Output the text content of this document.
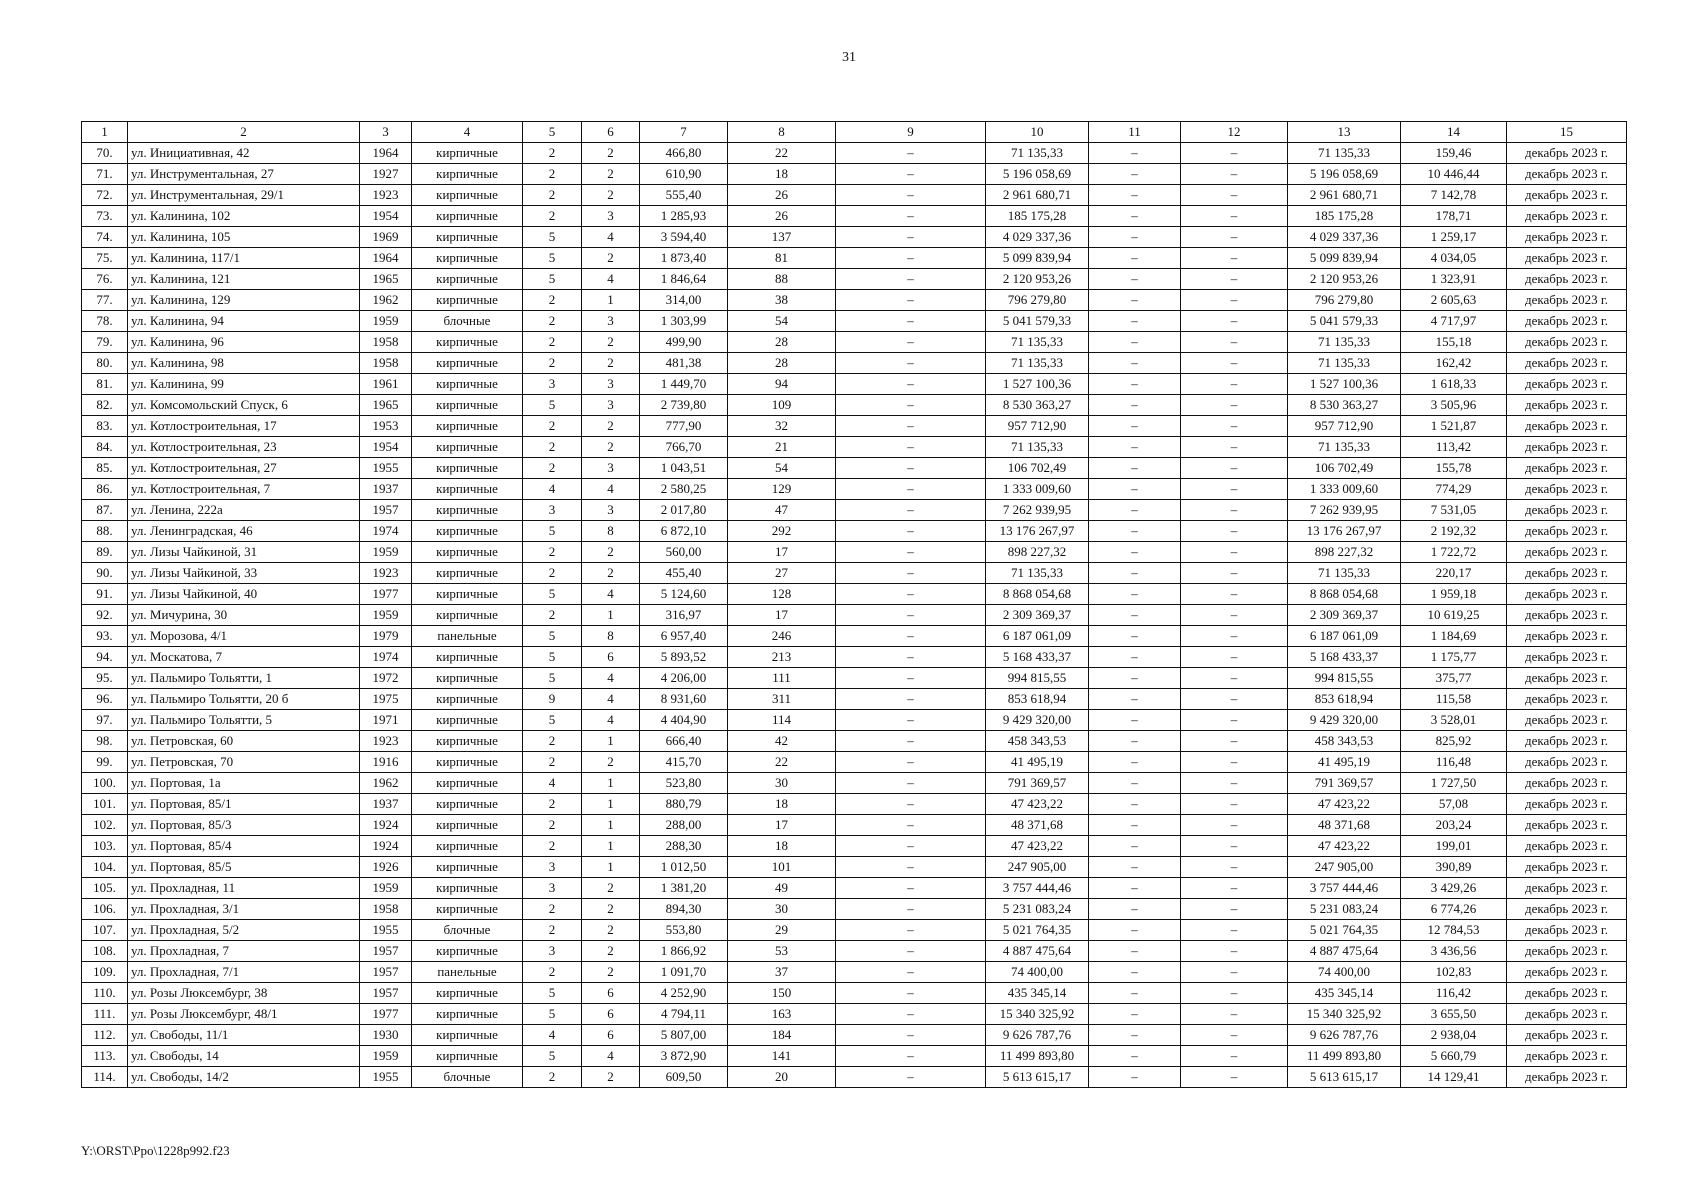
31
1	2	3	4	5	6	7	8	9	10	11	12	13	14	15
70.	ул. Инициативная, 42	1964	кирпичные	2	2	466,80	22	–	71 135,33	–	–	71 135,33	159,46	декабрь 2023 г.
71.	ул. Инструментальная, 27	1927	кирпичные	2	2	610,90	18	–	5 196 058,69	–	–	5 196 058,69	10 446,44	декабрь 2023 г.
72.	ул. Инструментальная, 29/1	1923	кирпичные	2	2	555,40	26	–	2 961 680,71	–	–	2 961 680,71	7 142,78	декабрь 2023 г.
73.	ул. Калинина, 102	1954	кирпичные	2	3	1 285,93	26	–	185 175,28	–	–	185 175,28	178,71	декабрь 2023 г.
74.	ул. Калинина, 105	1969	кирпичные	5	4	3 594,40	137	–	4 029 337,36	–	–	4 029 337,36	1 259,17	декабрь 2023 г.
75.	ул. Калинина, 117/1	1964	кирпичные	5	2	1 873,40	81	–	5 099 839,94	–	–	5 099 839,94	4 034,05	декабрь 2023 г.
76.	ул. Калинина, 121	1965	кирпичные	5	4	1 846,64	88	–	2 120 953,26	–	–	2 120 953,26	1 323,91	декабрь 2023 г.
77.	ул. Калинина, 129	1962	кирпичные	2	1	314,00	38	–	796 279,80	–	–	796 279,80	2 605,63	декабрь 2023 г.
78.	ул. Калинина, 94	1959	блочные	2	3	1 303,99	54	–	5 041 579,33	–	–	5 041 579,33	4 717,97	декабрь 2023 г.
79.	ул. Калинина, 96	1958	кирпичные	2	2	499,90	28	–	71 135,33	–	–	71 135,33	155,18	декабрь 2023 г.
80.	ул. Калинина, 98	1958	кирпичные	2	2	481,38	28	–	71 135,33	–	–	71 135,33	162,42	декабрь 2023 г.
81.	ул. Калинина, 99	1961	кирпичные	3	3	1 449,70	94	–	1 527 100,36	–	–	1 527 100,36	1 618,33	декабрь 2023 г.
82.	ул. Комсомольский Спуск, 6	1965	кирпичные	5	3	2 739,80	109	–	8 530 363,27	–	–	8 530 363,27	3 505,96	декабрь 2023 г.
83.	ул. Котлостроительная, 17	1953	кирпичные	2	2	777,90	32	–	957 712,90	–	–	957 712,90	1 521,87	декабрь 2023 г.
84.	ул. Котлостроительная, 23	1954	кирпичные	2	2	766,70	21	–	71 135,33	–	–	71 135,33	113,42	декабрь 2023 г.
85.	ул. Котлостроительная, 27	1955	кирпичные	2	3	1 043,51	54	–	106 702,49	–	–	106 702,49	155,78	декабрь 2023 г.
86.	ул. Котлостроительная, 7	1937	кирпичные	4	4	2 580,25	129	–	1 333 009,60	–	–	1 333 009,60	774,29	декабрь 2023 г.
87.	ул. Ленина, 222а	1957	кирпичные	3	3	2 017,80	47	–	7 262 939,95	–	–	7 262 939,95	7 531,05	декабрь 2023 г.
88.	ул. Ленинградская, 46	1974	кирпичные	5	8	6 872,10	292	–	13 176 267,97	–	–	13 176 267,97	2 192,32	декабрь 2023 г.
89.	ул. Лизы Чайкиной, 31	1959	кирпичные	2	2	560,00	17	–	898 227,32	–	–	898 227,32	1 722,72	декабрь 2023 г.
90.	ул. Лизы Чайкиной, 33	1923	кирпичные	2	2	455,40	27	–	71 135,33	–	–	71 135,33	220,17	декабрь 2023 г.
91.	ул. Лизы Чайкиной, 40	1977	кирпичные	5	4	5 124,60	128	–	8 868 054,68	–	–	8 868 054,68	1 959,18	декабрь 2023 г.
92.	ул. Мичурина, 30	1959	кирпичные	2	1	316,97	17	–	2 309 369,37	–	–	2 309 369,37	10 619,25	декабрь 2023 г.
93.	ул. Морозова, 4/1	1979	панельные	5	8	6 957,40	246	–	6 187 061,09	–	–	6 187 061,09	1 184,69	декабрь 2023 г.
94.	ул. Москатова, 7	1974	кирпичные	5	6	5 893,52	213	–	5 168 433,37	–	–	5 168 433,37	1 175,77	декабрь 2023 г.
95.	ул. Пальмиро Тольятти, 1	1972	кирпичные	5	4	4 206,00	111	–	994 815,55	–	–	994 815,55	375,77	декабрь 2023 г.
96.	ул. Пальмиро Тольятти, 20 б	1975	кирпичные	9	4	8 931,60	311	–	853 618,94	–	–	853 618,94	115,58	декабрь 2023 г.
97.	ул. Пальмиро Тольятти, 5	1971	кирпичные	5	4	4 404,90	114	–	9 429 320,00	–	–	9 429 320,00	3 528,01	декабрь 2023 г.
98.	ул. Петровская, 60	1923	кирпичные	2	1	666,40	42	–	458 343,53	–	–	458 343,53	825,92	декабрь 2023 г.
99.	ул. Петровская, 70	1916	кирпичные	2	2	415,70	22	–	41 495,19	–	–	41 495,19	116,48	декабрь 2023 г.
100.	ул. Портовая, 1а	1962	кирпичные	4	1	523,80	30	–	791 369,57	–	–	791 369,57	1 727,50	декабрь 2023 г.
101.	ул. Портовая, 85/1	1937	кирпичные	2	1	880,79	18	–	47 423,22	–	–	47 423,22	57,08	декабрь 2023 г.
102.	ул. Портовая, 85/3	1924	кирпичные	2	1	288,00	17	–	48 371,68	–	–	48 371,68	203,24	декабрь 2023 г.
103.	ул. Портовая, 85/4	1924	кирпичные	2	1	288,30	18	–	47 423,22	–	–	47 423,22	199,01	декабрь 2023 г.
104.	ул. Портовая, 85/5	1926	кирпичные	3	1	1 012,50	101	–	247 905,00	–	–	247 905,00	390,89	декабрь 2023 г.
105.	ул. Прохладная, 11	1959	кирпичные	3	2	1 381,20	49	–	3 757 444,46	–	–	3 757 444,46	3 429,26	декабрь 2023 г.
106.	ул. Прохладная, 3/1	1958	кирпичные	2	2	894,30	30	–	5 231 083,24	–	–	5 231 083,24	6 774,26	декабрь 2023 г.
107.	ул. Прохладная, 5/2	1955	блочные	2	2	553,80	29	–	5 021 764,35	–	–	5 021 764,35	12 784,53	декабрь 2023 г.
108.	ул. Прохладная, 7	1957	кирпичные	3	2	1 866,92	53	–	4 887 475,64	–	–	4 887 475,64	3 436,56	декабрь 2023 г.
109.	ул. Прохладная, 7/1	1957	панельные	2	2	1 091,70	37	–	74 400,00	–	–	74 400,00	102,83	декабрь 2023 г.
110.	ул. Розы Люксембург, 38	1957	кирпичные	5	6	4 252,90	150	–	435 345,14	–	–	435 345,14	116,42	декабрь 2023 г.
111.	ул. Розы Люксембург, 48/1	1977	кирпичные	5	6	4 794,11	163	–	15 340 325,92	–	–	15 340 325,92	3 655,50	декабрь 2023 г.
112.	ул. Свободы, 11/1	1930	кирпичные	4	6	5 807,00	184	–	9 626 787,76	–	–	9 626 787,76	2 938,04	декабрь 2023 г.
113.	ул. Свободы, 14	1959	кирпичные	5	4	3 872,90	141	–	11 499 893,80	–	–	11 499 893,80	5 660,79	декабрь 2023 г.
114.	ул. Свободы, 14/2	1955	блочные	2	2	609,50	20	–	5 613 615,17	–	–	5 613 615,17	14 129,41	декабрь 2023 г.
Y:\ORST\Ppo\1228p992.f23
